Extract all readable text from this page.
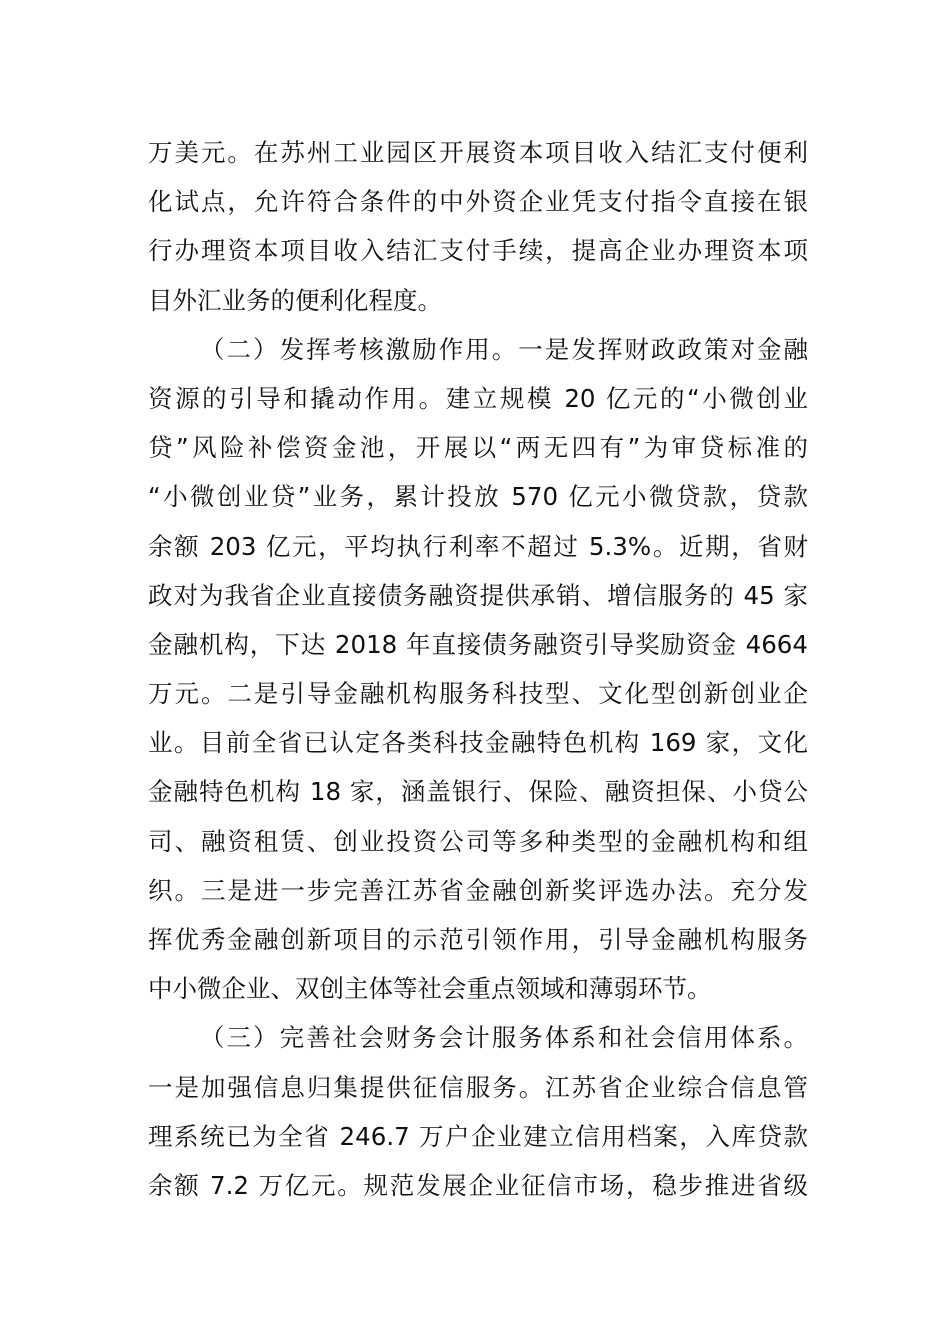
万美元。在苏州工业园区开展资本项目收入结汇支付便利
化试点，允许符合条件的中外资企业凭支付指令直接在银
行办理资本项目收入结汇支付手续，提高企业办理资本项
目外汇业务的便利化程度。
（二）发挥考核激励作用。一是发挥财政政策对金融
资源的引导和撬动作用。建立规模 20 亿元的“小微创业
贷”风险补偿资金池，开展以“两无四有”为审贷标准的
“小微创业贷”业务，累计投放 570 亿元小微贷款，贷款
余额 203 亿元，平均执行利率不超过 5.3%。近期，省财
政对为我省企业直接债务融资提供承销、增信服务的 45 家
金融机构，下达 2018 年直接债务融资引导奖励资金 4664
万元。二是引导金融机构服务科技型、文化型创新创业企
业。目前全省已认定各类科技金融特色机构 169 家，文化
金融特色机构 18 家，涵盖银行、保险、融资担保、小贷公
司、融资租赁、创业投资公司等多种类型的金融机构和组
织。三是进一步完善江苏省金融创新奖评选办法。充分发
挥优秀金融创新项目的示范引领作用，引导金融机构服务
中小微企业、双创主体等社会重点领域和薄弱环节。
（三）完善社会财务会计服务体系和社会信用体系。
一是加强信息归集提供征信服务。江苏省企业综合信息管
理系统已为全省 246.7 万户企业建立信用档案，入库贷款
余额 7.2 万亿元。规范发展企业征信市场，稳步推进省级
